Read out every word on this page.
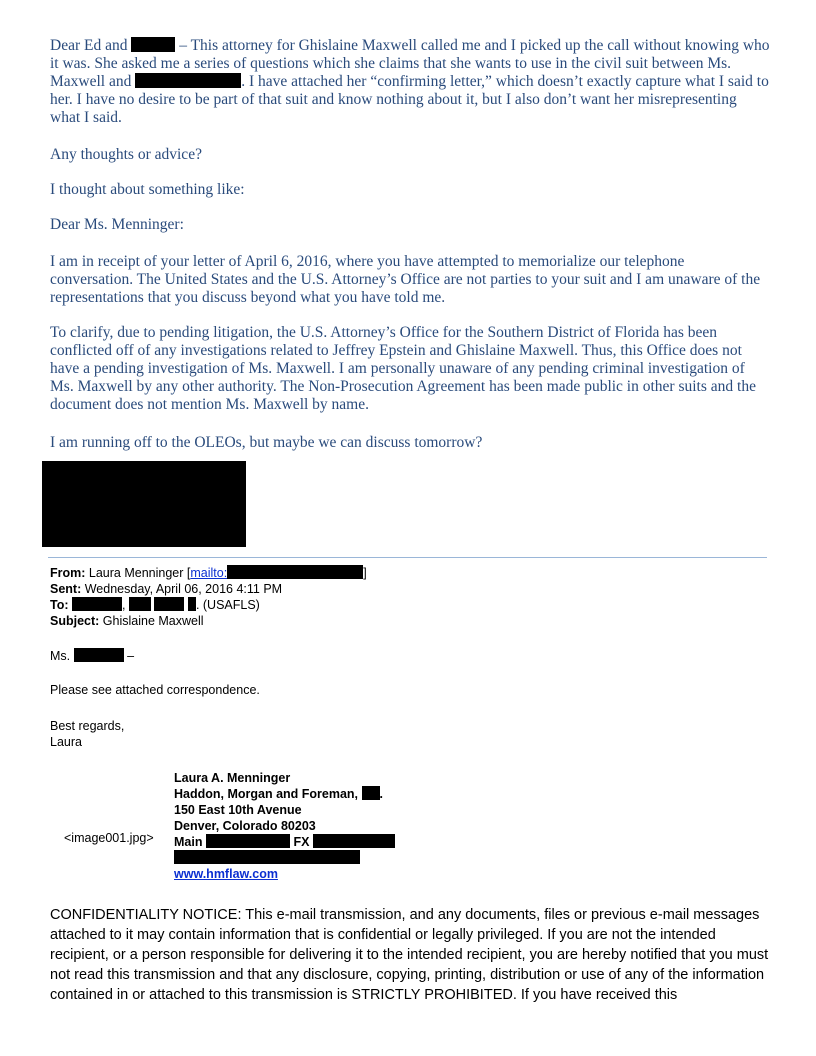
Dear Ed and	– This attorney for Ghislaine Maxwell called me and I picked up the call without knowing who it was. She asked me a series of questions which she claims that she wants to use in the civil suit between Ms. Maxwell and	. I have attached her “confirming letter,” which doesn’t exactly capture what I said to her. I have no desire to be part of that suit and know nothing about it, but I also don’t want her misrepresenting what I said.

Any thoughts or advice?

I thought about something like:

Dear Ms. Menninger:

I am in receipt of your letter of April 6, 2016, where you have attempted to memorialize our telephone conversation. The United States and the U.S. Attorney’s Office are not parties to your suit and I am unaware of the representations that you discuss beyond what you have told me.

To clarify, due to pending litigation, the U.S. Attorney’s Office for the Southern District of Florida has been conflicted off of any investigations related to Jeffrey Epstein and Ghislaine Maxwell. Thus, this Office does not have a pending investigation of Ms. Maxwell. I am personally unaware of any pending criminal investigation of Ms. Maxwell by any other authority. The Non-Prosecution Agreement has been made public in other suits and the document does not mention Ms. Maxwell by name.

I am running off to the OLEOs, but maybe we can discuss tomorrow?

From: Laura Menninger [mailto:	]
Sent: Wednesday, April 06, 2016 4:11 PM
To:	,	. (USAFLS)
Subject: Ghislaine Maxwell
Ms.	–

Please see attached correspondence.

Best regards,

Laura

<image001.jpg>

Laura A. Menninger
Haddon, Morgan and Foreman, .
150 East 10th Avenue
Denver, Colorado 80203
Main	FX
www.hmflaw.com

CONFIDENTIALITY NOTICE: This e-mail transmission, and any documents, files or previous e-mail messages attached to it may contain information that is confidential or legally privileged. If you are not the intended recipient, or a person responsible for delivering it to the intended recipient, you are hereby notified that you must not read this transmission and that any disclosure, copying, printing, distribution or use of any of the information contained in or attached to this transmission is STRICTLY PROHIBITED. If you have received this
